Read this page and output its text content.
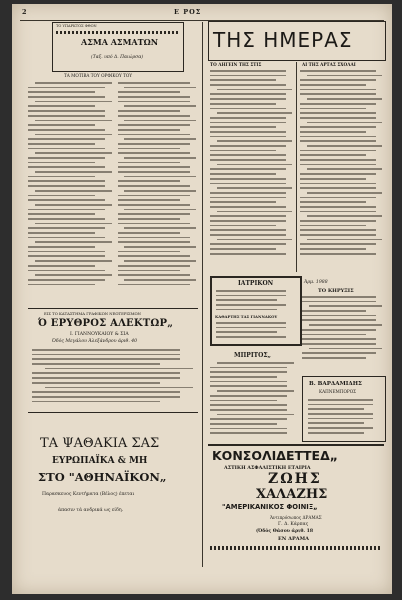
2	Ε ΡΟΣ
ΤΟ ΥΠΑΡΚΤΟΣ ΦΘΟΝ
ΑΣΜΑ ΑΣΜΑΤΩΝ
(Ταξ. υπό Δ. Παιώρσα)
ΤΑ ΜΟΤΙΒΑ ΤΟΥ ΟΡΦΙΚΟΥ ΤΟΥ
ΕΙΣ ΤΟ ΚΑΤΑΣΤΗΜΑ ΓΡΑΦΙΚΩΝ ΝΕΩΤΕΡΙΣΜΩΝ
Ό ΕΡΥΘΡΟΣ ΑΛΕΚΤΩΡ„
Ι. ΓΙΑΝΝΟΥΚΑΙΟΥ & ΣΙΑ
Όδός Μεγάλου Άλεξάνδρου άριθ. 40
ΤΑ ΨΑΘΑΚΙΑ ΣΑΣ
ΕΥΡΩΠΑΪΚΑ & ΜΗ
ΣΤΟ "ΑΘΗΝΑΪΚΟΝ„
Παρασκευος Κεντήματα (Βέλος) έπεται
άπασιν τά ανδρικά ως είδη.
ΤΗΣ ΗΜΕΡΑΣ
ΤΟ ΛΗΓΕΙΝ ΤΗΣ ΣΤΙΣ	ΑΙ ΤΗΣ ΑΡΤΑΣ ΣΧΟΛΑΙ
ΙΑΤΡΙΚΟΝ
ΚΑΘΑΡΤΗΣ ΤΑΣ ΓΙΑΝΝΑΚΟΥ
ΜΠΡΙΤΟΣ„
Άρμ. 1988
ΤΟ ΚΗΡΥΞΙΣ
Β. ΒΑΡΔΑΜΙΔΗΣ
ΚΑΠΝΕΜΠΟΡΟΣ
ΚΟΝΣΟΛΙΔΕΤΤΕΔ„
ΑΣΤΙΚΗ ΑΣΦΑΛΙΣΤΙΚΗ ΕΤΑΙΡΙΑ
ΖΩΗΣ
ΧΑΛΑΖΗΣ
"ΑΜΕΡΙΚΑΝΙΚΟΣ ΦΟΙΝΙΞ„
Άντιπρόσωπος ΔΡΑΜΑΣ
Γ. Δ. Κάρπας
(Όδός Θάσου άριθ. 18
ΕΝ ΔΡΑΜΑ
